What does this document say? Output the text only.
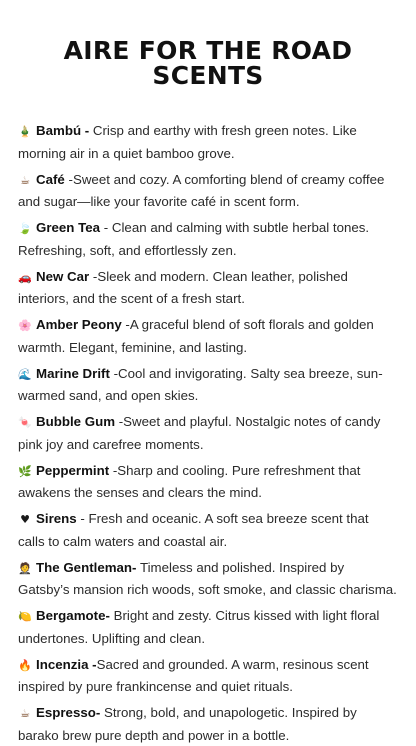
AIRE FOR THE ROAD
SCENTS

🎍 Bambú - Crisp and earthy with fresh green notes. Like morning air in a quiet bamboo grove.

☕ Café -Sweet and cozy. A comforting blend of creamy coffee and sugar—like your favorite café in scent form.

🍃 Green Tea - Clean and calming with subtle herbal tones. Refreshing, soft, and effortlessly zen.

🚗 New Car -Sleek and modern. Clean leather, polished interiors, and the scent of a fresh start.

🌸 Amber Peony -A graceful blend of soft florals and golden warmth. Elegant, feminine, and lasting.

🌊 Marine Drift -Cool and invigorating. Salty sea breeze, sun-warmed sand, and open skies.

🍬 Bubble Gum -Sweet and playful. Nostalgic notes of candy pink joy and carefree moments.

🌿 Peppermint -Sharp and cooling. Pure refreshment that awakens the senses and clears the mind.

♥ Sirens - Fresh and oceanic. A soft sea breeze scent that calls to calm waters and coastal air.

🤵 The Gentleman- Timeless and polished. Inspired by Gatsby’s mansion rich woods, soft smoke, and classic charisma.

🍋 Bergamote- Bright and zesty. Citrus kissed with light floral undertones. Uplifting and clean.

🔥 Incenzia -Sacred and grounded. A warm, resinous scent inspired by pure frankincense and quiet rituals.

☕ Espresso- Strong, bold, and unapologetic. Inspired by barako brew pure depth and power in a bottle.
